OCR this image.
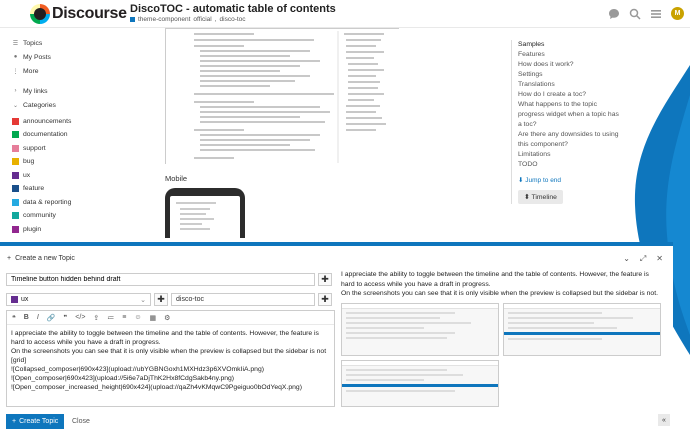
Discourse DiscoTOC - automatic table of contents
theme-component official , disco-toc
M
☰ Topics
● My Posts
⋮ More
› My links
⌄ Categories
announcements
documentation
support
bug
ux
feature
data & reporting
community
plugin
Mobile
Samples
Features
How does it work?
Settings
Translations
How do I create a toc?
What happens to the topic progress widget when a topic has a toc?
Are there any downsides to using this component?
Limitations
TODO
⬇ Jump to end
⬍ Timeline
+ Create a new Topic	⌄ ⤢ ✕
Timeline button hidden behind draft
✚
ux	⌄	✚	disco-toc	✚
❝ B I 🔗 ❞ </> ⇪ ≔ ≡ ☺ ▦ ⚙
I appreciate the ability to toggle between the timeline and the table of contents. However, the feature is hard to access while you have a draft in progress.
On the screenshots you can see that it is only visible when the preview is collapsed but the sidebar is not
[grid]
![Collapsed_composer|690x423](upload://ubYGBNGoxh1MXHdz3p6XVOmkIiA.png)
![Open_composer|690x423](upload://5i6e7aDjThK2Hx8fCdgSakb4ny.png)
![Open_composer_increased_height|690x424](upload://qaZh4vKMqwC9Pgeiguo0bOdYeqX.png)

I appreciate the ability to toggle between the timeline and the table of contents. However, the feature is hard to access while you have a draft in progress.

On the screenshots you can see that it is only visible when the preview is collapsed but the sidebar is not.

+ Create Topic Close	«
